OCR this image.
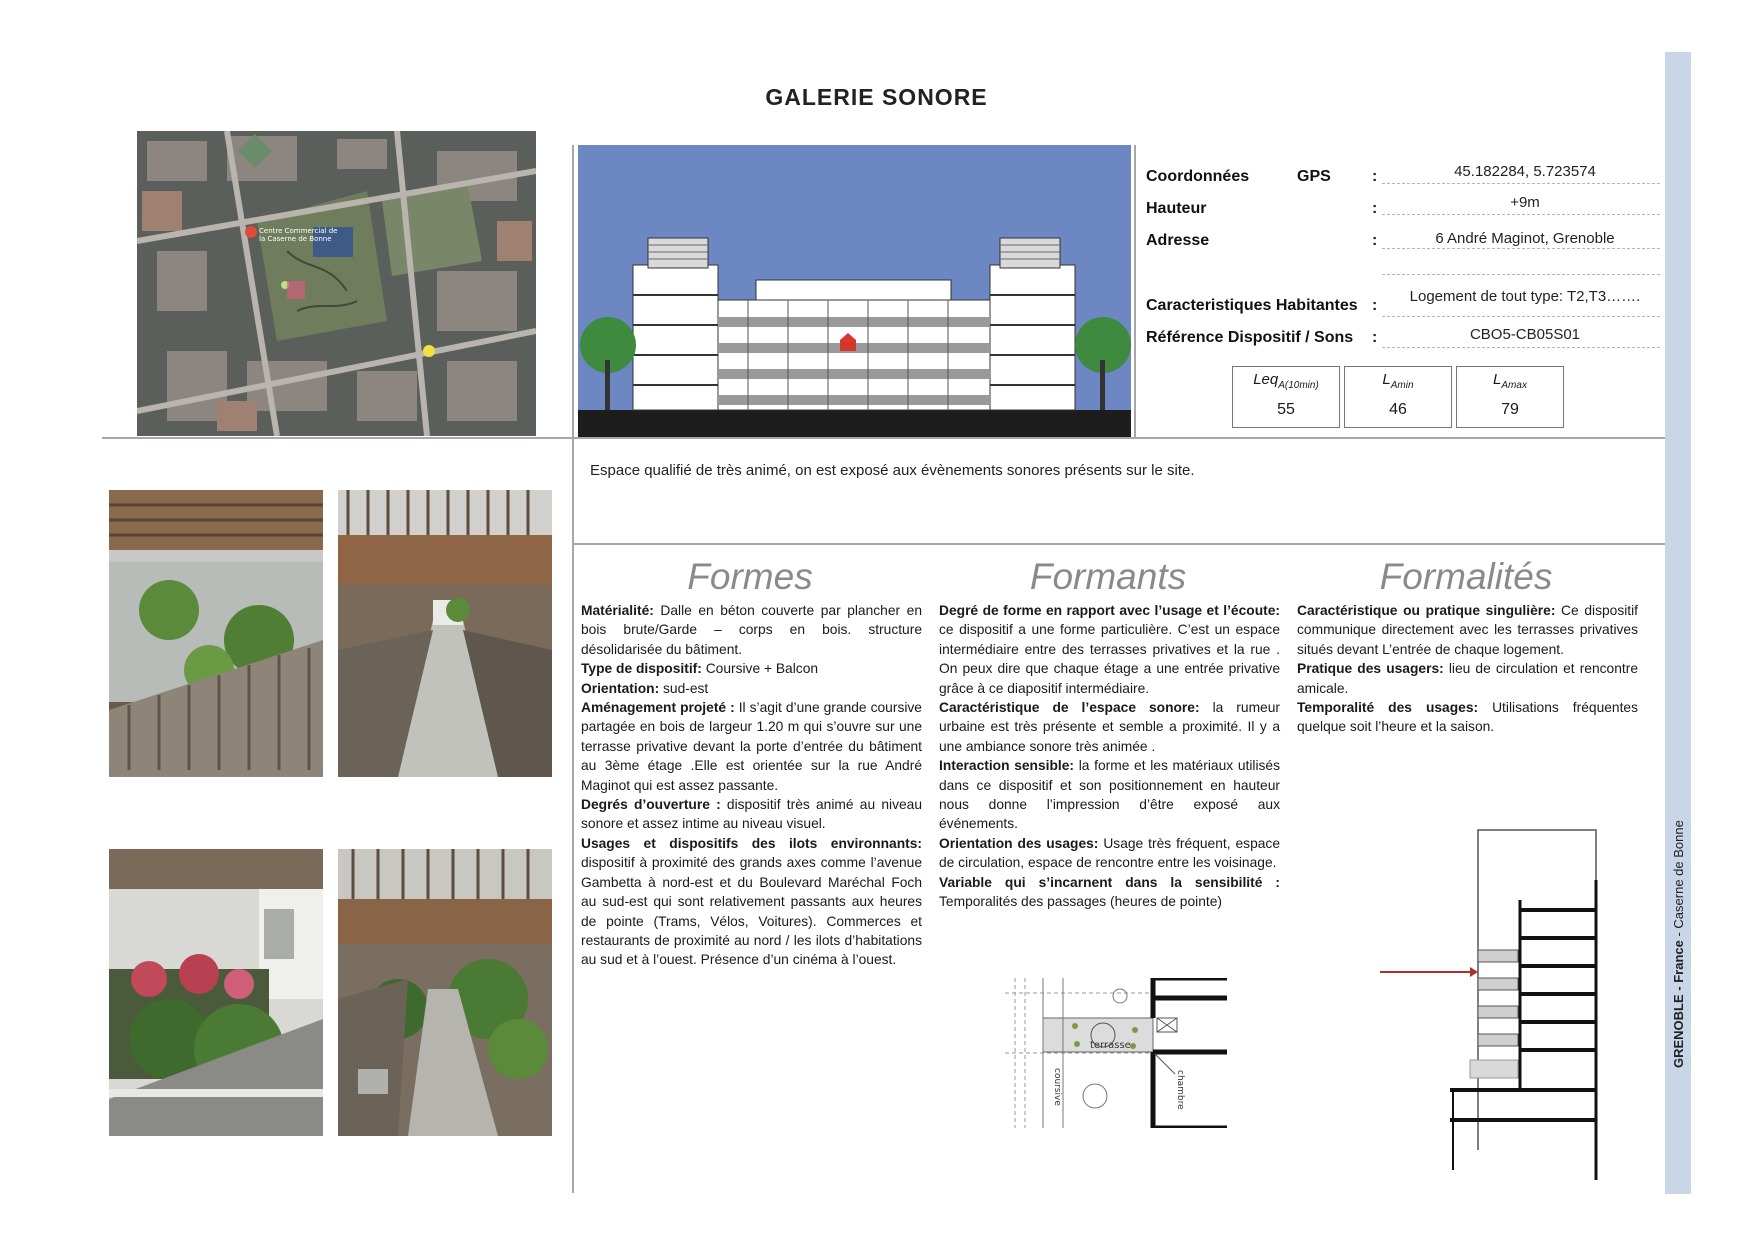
GALERIE SONORE
GRENOBLE - France - Caserne de Bonne
Centre Commercial de
la Caserne de Bonne
Coordonnées	GPS	:	45.182284, 5.723574
Hauteur	:	+9m
Adresse	:	6 André Maginot, Grenoble
Caracteristiques Habitantes :
Logement de tout type: T2,T3…….
Référence Dispositif / Sons :	CBO5-CB05S01
Leq$_{A(10min)}$
55
$L_{Amin}$
46
$L_{Amax}$
79
Espace qualifié de très animé, on est exposé aux évènements sonores présents sur le site.
Formes	Formants	Formalités

Matérialité: Dalle en béton couverte par plancher en bois brute/Garde – corps en bois. structure désolidarisée du bâtiment.

Type de dispositif: Coursive + Balcon

Orientation: sud-est

Aménagement projeté : Il s’agit d’une grande coursive partagée en bois de largeur 1.20 m qui s’ouvre sur une terrasse privative devant la porte d’entrée du bâtiment au 3ème étage .Elle est orientée sur la rue André Maginot qui est assez passante.

Degrés d’ouverture : dispositif très animé au niveau sonore et assez intime au niveau visuel.

Usages et dispositifs des ilots environnants: dispositif à proximité des grands axes comme l’avenue Gambetta à nord-est et du Boulevard Maréchal Foch au sud-est qui sont relativement passants aux heures de pointe (Trams, Vélos, Voitures). Commerces et restaurants de proximité au nord / les ilots d’habitations au sud et à l’ouest. Présence d’un cinéma à l’ouest.

Degré de forme en rapport avec l’usage et l’écoute: ce dispositif a une forme particulière. C’est un espace intermédiaire entre des terrasses privatives et la rue . On peux dire que chaque étage a une entrée privative grâce à ce diapositif intermédiaire.

Caractéristique de l’espace sonore: la rumeur urbaine est très présente et semble a proximité. Il y a une ambiance sonore très animée .

Interaction sensible: la forme et les matériaux utilisés dans ce dispositif et son positionnement en hauteur nous donne l’impression d’être exposé aux événements.

Orientation des usages: Usage très fréquent, espace de circulation, espace de rencontre entre les voisinage.

Variable qui s’incarnent dans la sensibilité : Temporalités des passages (heures de pointe)

Caractéristique ou pratique singulière: Ce dispositif communique directement avec les terrasses privatives situés devant L’entrée de chaque logement.

Pratique des usagers: lieu de circulation et rencontre amicale.

Temporalité des usages: Utilisations fréquentes quelque soit l’heure et la saison.

terrasse
coursive	chambre
